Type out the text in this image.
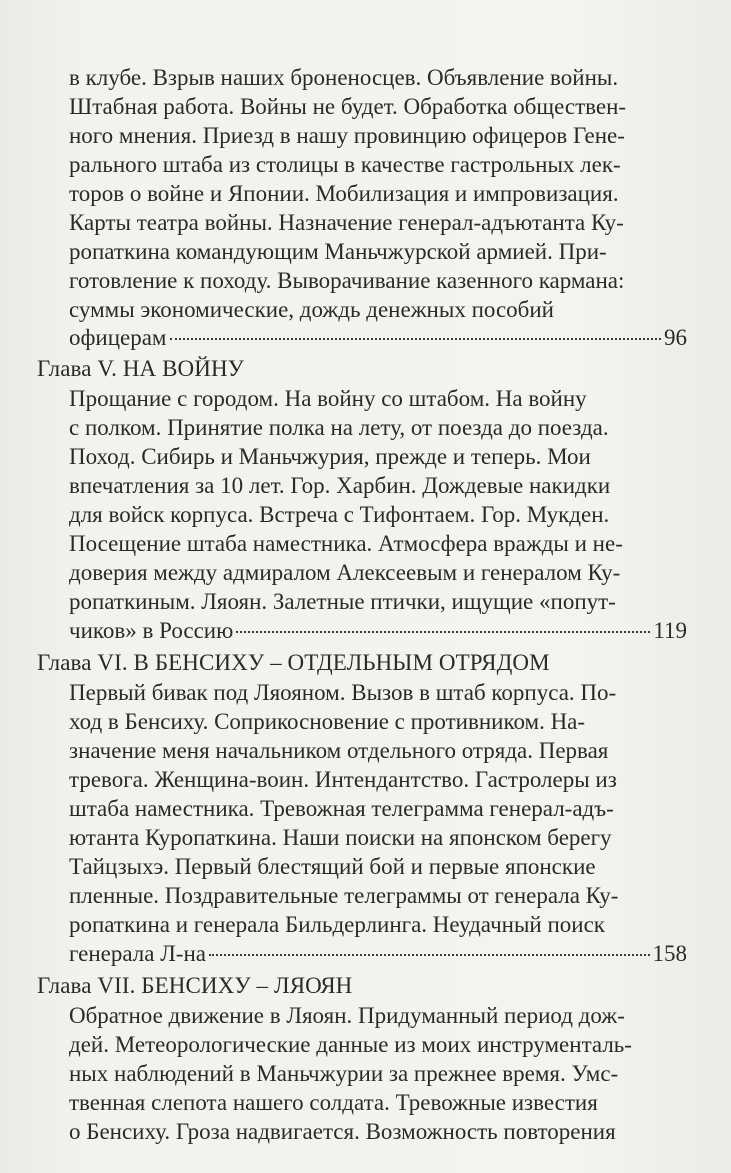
в клубе. Взрыв наших броненосцев. Объявление войны.
Штабная работа. Войны не будет. Обработка обществен-
ного мнения. Приезд в нашу провинцию офицеров Гене-
рального штаба из столицы в качестве гастрольных лек-
торов о войне и Японии. Мобилизация и импровизация.
Карты театра войны. Назначение генерал-адъютанта Ку-
ропаткина командующим Маньчжурской армией. При-
готовление к походу. Выворачивание казенного кармана:
суммы экономические, дождь денежных пособий
офицерам	96
Глава V. НА ВОЙНУ
Прощание с городом. На войну со штабом. На войну
с полком. Принятие полка на лету, от поезда до поезда.
Поход. Сибирь и Маньчжурия, прежде и теперь. Мои
впечатления за 10 лет. Гор. Харбин. Дождевые накидки
для войск корпуса. Встреча с Тифонтаем. Гор. Мукден.
Посещение штаба наместника. Атмосфера вражды и не-
доверия между адмиралом Алексеевым и генералом Ку-
ропаткиным. Ляоян. Залетные птички, ищущие «попут-
чиков» в Россию	119
Глава VI. В БЕНСИХУ – ОТДЕЛЬНЫМ ОТРЯДОМ
Первый бивак под Ляояном. Вызов в штаб корпуса. По-
ход в Бенсиху. Соприкосновение с противником. На-
значение меня начальником отдельного отряда. Первая
тревога. Женщина-воин. Интендантство. Гастролеры из
штаба наместника. Тревожная телеграмма генерал-адъ-
ютанта Куропаткина. Наши поиски на японском берегу
Тайцзыхэ. Первый блестящий бой и первые японские
пленные. Поздравительные телеграммы от генерала Ку-
ропаткина и генерала Бильдерлинга. Неудачный поиск
генерала Л-на	158
Глава VII. БЕНСИХУ – ЛЯОЯН
Обратное движение в Ляоян. Придуманный период дож-
дей. Метеорологические данные из моих инструменталь-
ных наблюдений в Маньчжурии за прежнее время. Умс-
твенная слепота нашего солдата. Тревожные известия
о Бенсиху. Гроза надвигается. Возможность повторения
